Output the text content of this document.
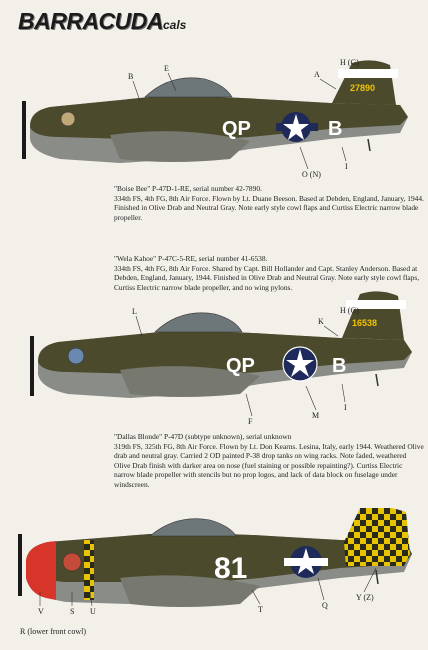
BARRACUDAcals
27890
QP	B
B
E
A
H (G)
I
O (N)

"Boise Bee" P-47D-1-RE, serial number 42-7890.

334th FS, 4th FG, 8th Air Force. Flown by Lt. Duane Beeson. Based at Debden, England, January, 1944. Finished in Olive Drab and Neutral Gray. Note early style cowl flaps and Curtiss Electric narrow blade propeller.

16538
QP	B
L
K
H (G)
I
M
F

"Dallas Blonde" P-47D (subtype unknown), serial unknown

319th FS, 325th FG, 8th Air Force. Flown by Lt. Don Kearns. Lesina, Italy, early 1944. Weathered Olive drab and neutral gray. Carried 2 OD painted P-38 drop tanks on wing racks. Note faded, weathered Olive Drab finish with darker area on nose (fuel staining or possible repainting?). Curtiss Electric narrow blade propeller with stencils but no prop logos, and lack of data block on fuselage under windscreen.

"Wela Kahoe" P-47C-5-RE, serial number 41-6538.

334th FS, 4th FG, 8th Air Force. Shared by Capt. Bill Hollander and Capt. Stanley Anderson. Based at Debden, England, January, 1944. Finished in Olive Drab and Neutral Gray. Note early style cowl flaps, Curtiss Electric narrow blade propeller, and no wing pylons.

81
V	S U	T	Q
Y (Z)
R (lower front cowl)
